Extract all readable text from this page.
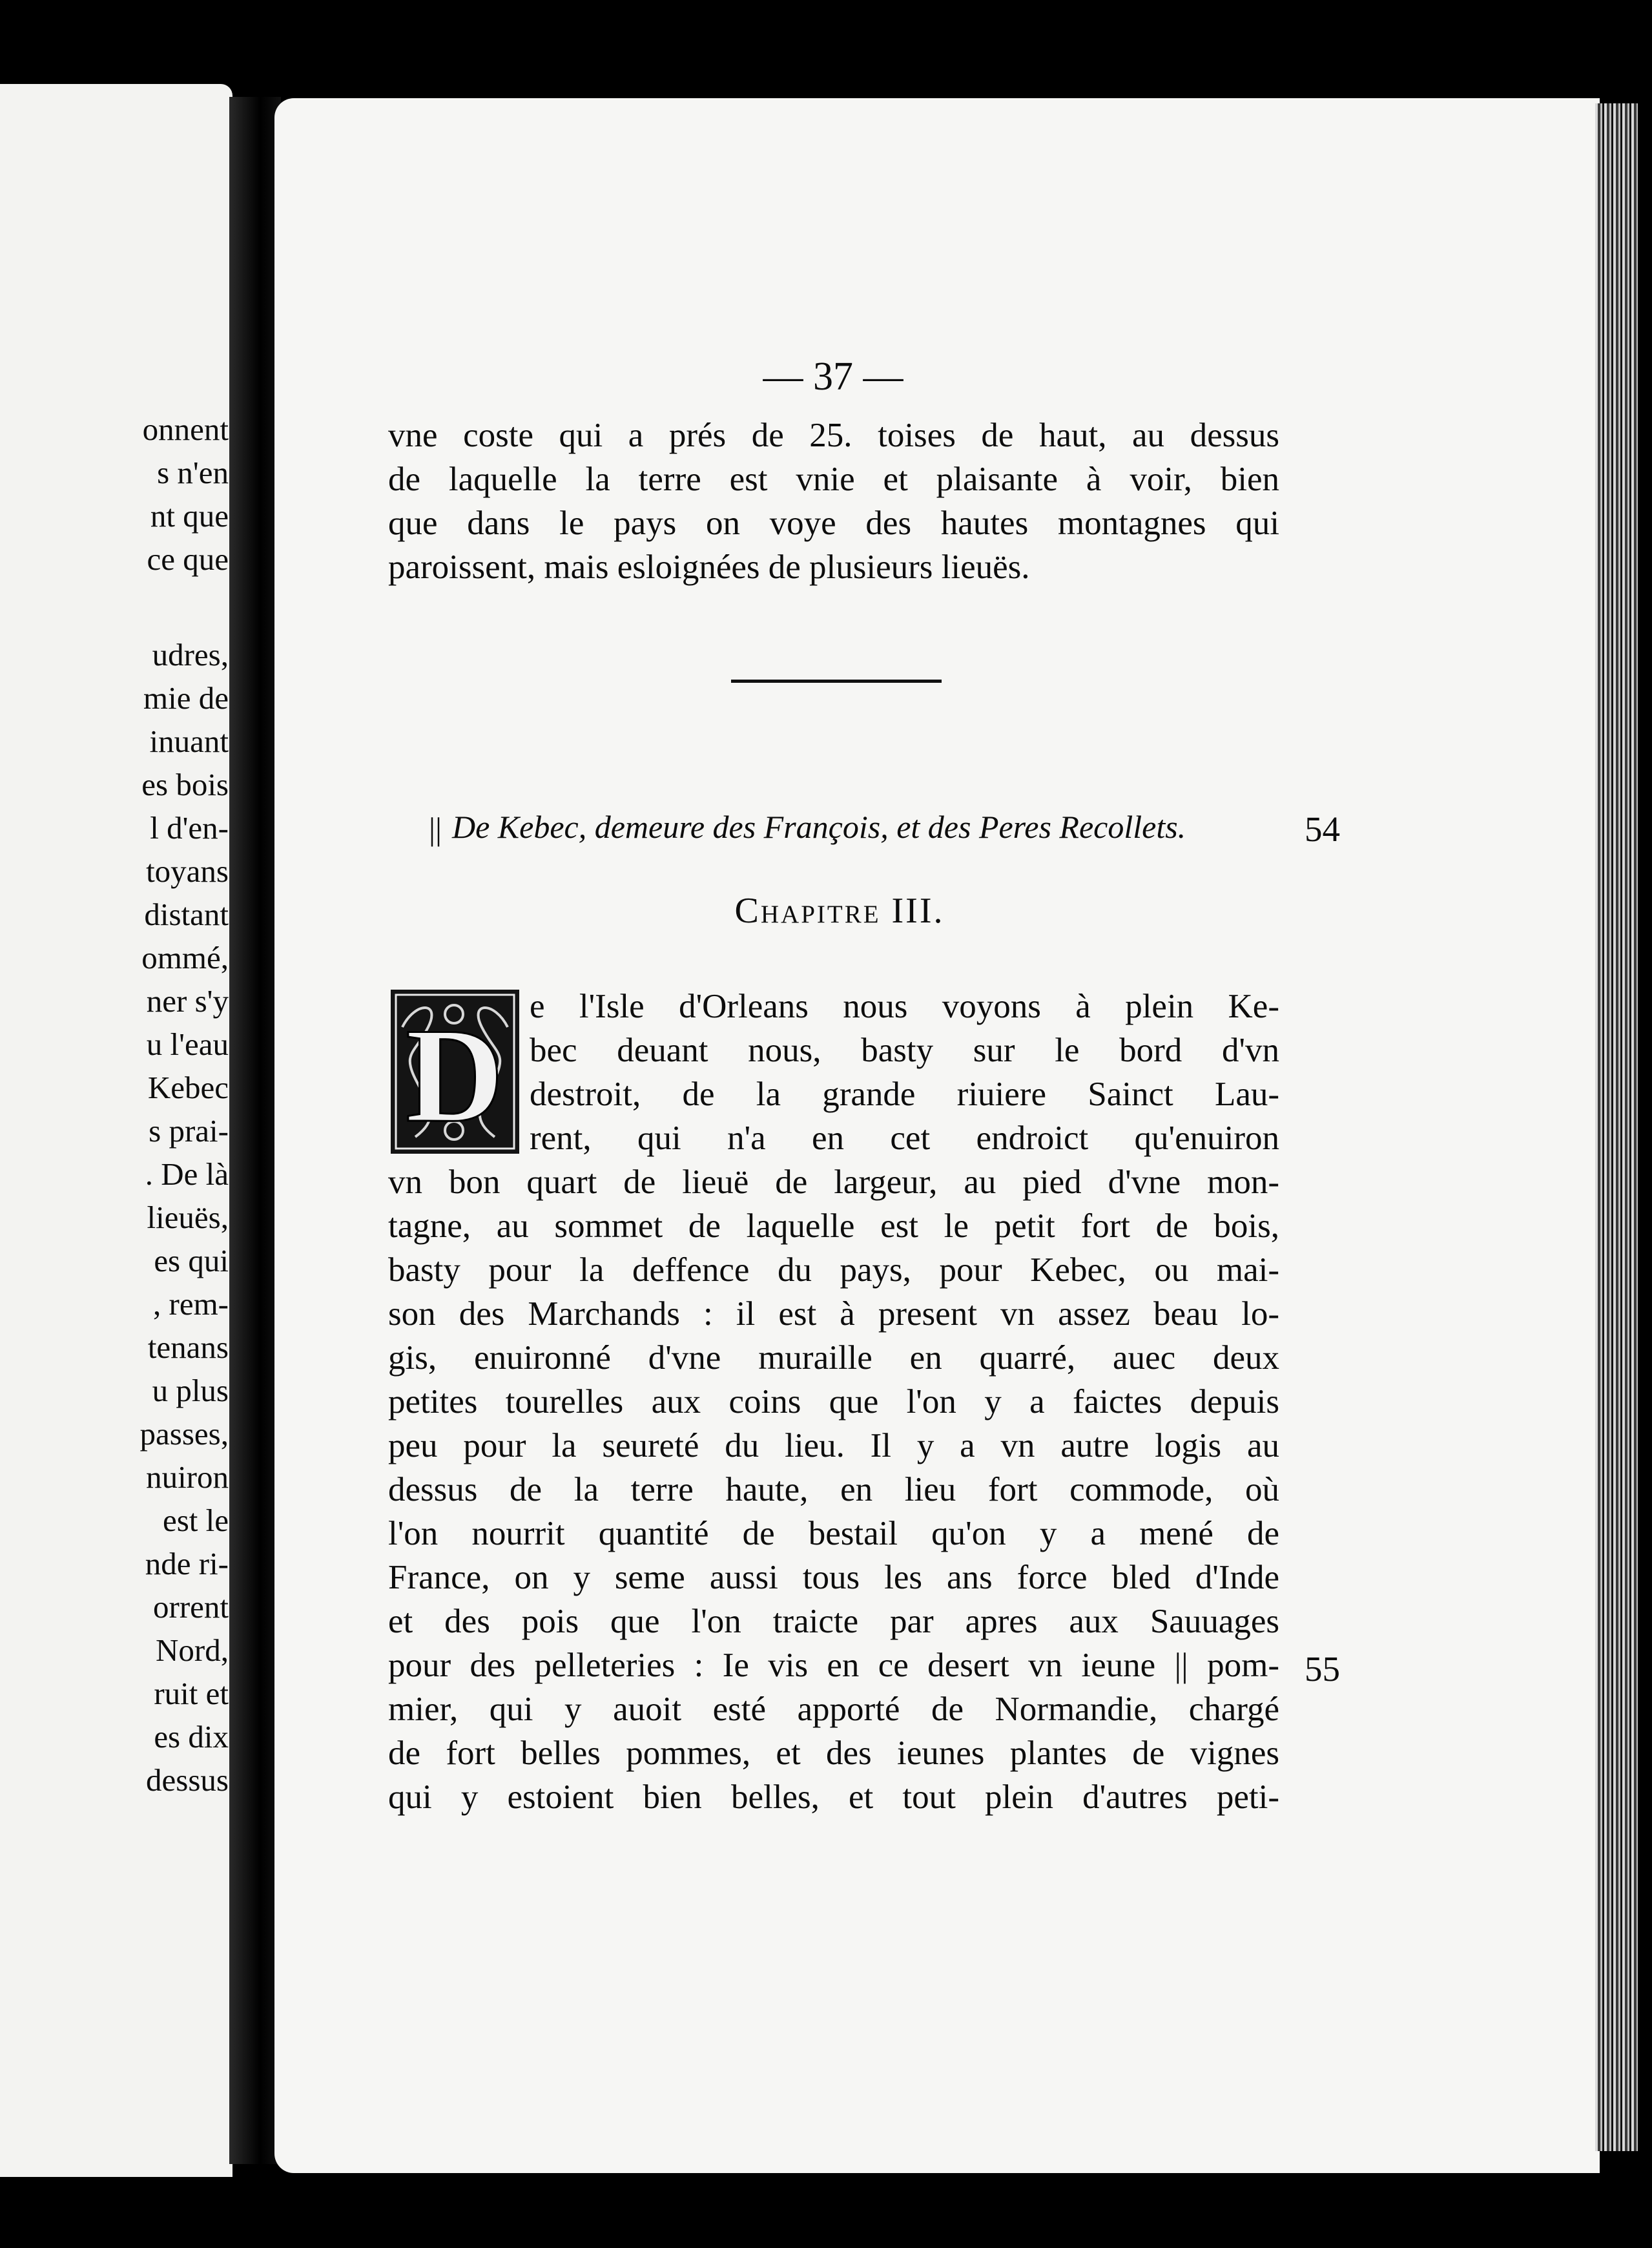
onnent
s n'en
nt que
ce que
udres,
mie de
inuant
es bois
l d'en-
toyans
distant
ommé,
ner s'y
u l'eau
Kebec
s prai-
. De là
lieuës,
es qui
, rem-
tenans
u plus
passes,
nuiron
est le
nde ri-
orrent
Nord,
ruit et
es dix
dessus
— 37 —
vne coste qui a prés de 25. toises de haut, au dessus
de laquelle la terre est vnie et plaisante à voir, bien
que dans le pays on voye des hautes montagnes qui
paroissent, mais esloignées de plusieurs lieuës.
|| De Kebec, demeure des François, et des Peres Recollets.	54
Chapitre III.
D e l'Isle d'Orleans nous voyons à plein Ke-
bec deuant nous, basty sur le bord d'vn
destroit, de la grande riuiere Sainct Lau-
rent, qui n'a en cet endroict qu'enuiron
vn bon quart de lieuë de largeur, au pied d'vne mon-
tagne, au sommet de laquelle est le petit fort de bois,
basty pour la deffence du pays, pour Kebec, ou mai-
son des Marchands : il est à present vn assez beau lo-
gis, enuironné d'vne muraille en quarré, auec deux
petites tourelles aux coins que l'on y a faictes depuis
peu pour la seureté du lieu. Il y a vn autre logis au
dessus de la terre haute, en lieu fort commode, où
l'on nourrit quantité de bestail qu'on y a mené de
France, on y seme aussi tous les ans force bled d'Inde
et des pois que l'on traicte par apres aux Sauuages
pour des pelleteries : Ie vis en ce desert vn ieune || pom- 55
mier, qui y auoit esté apporté de Normandie, chargé
de fort belles pommes, et des ieunes plantes de vignes
qui y estoient bien belles, et tout plein d'autres peti-
